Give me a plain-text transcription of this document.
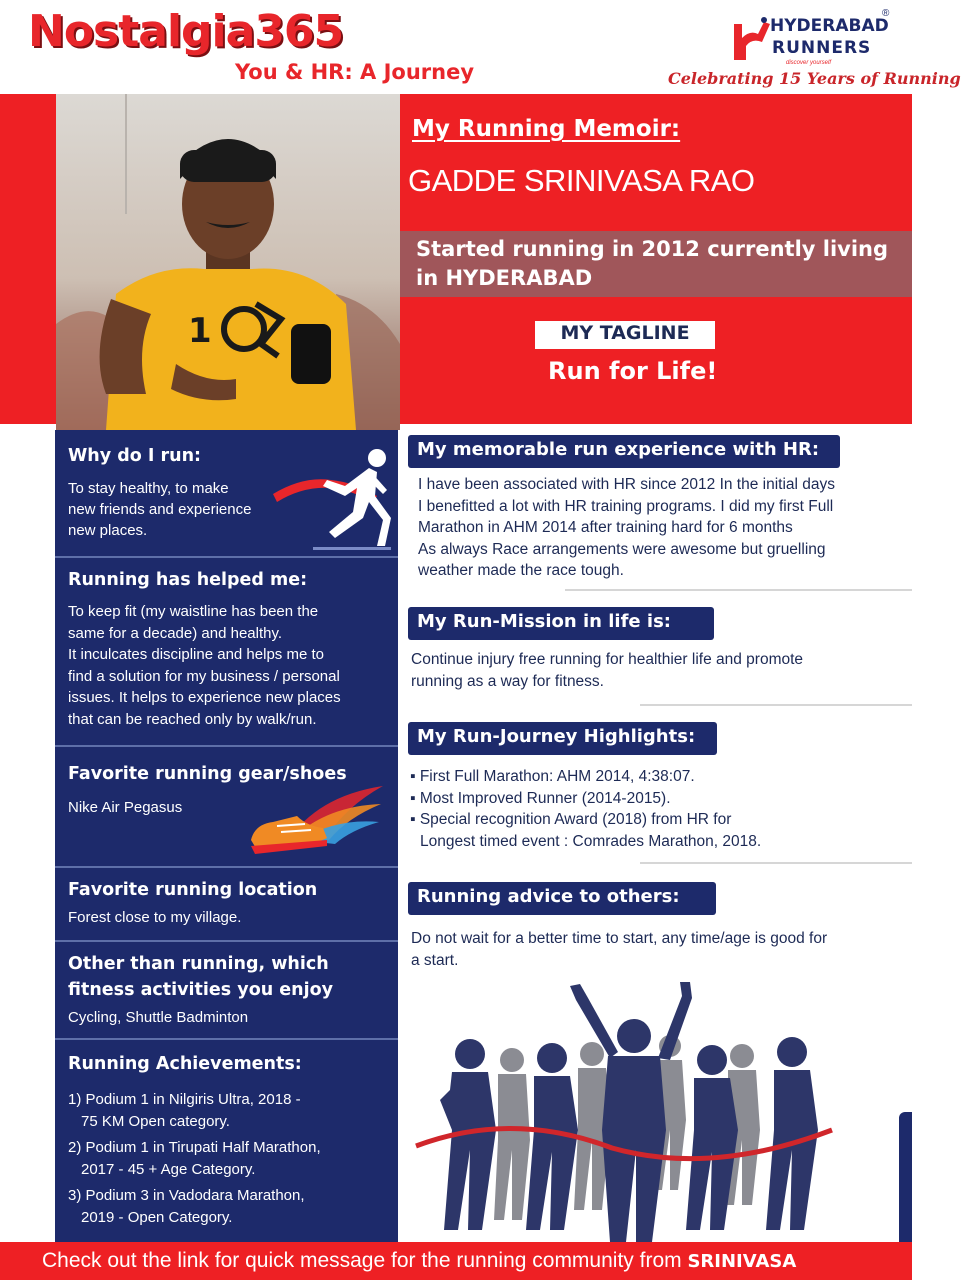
Nostalgia365
You & HR: A Journey
HYDERABAD
RUNNERS
discover yourself
®
Celebrating 15 Years of Running
1
My Running Memoir:
GADDE SRINIVASA RAO
Started running in 2012 currently living in HYDERABAD
MY TAGLINE
Run for Life!
Why do I run:
To stay healthy, to make
new friends and experience
new places.
Running has helped me:
To keep fit (my waistline has been the
same for a decade) and healthy.
It inculcates discipline and helps me to
find a solution for my business / personal
issues. It helps to experience new places
that can be reached only by walk/run.
Favorite running gear/shoes
Nike Air Pegasus
Favorite running location
Forest close to my village.
Other than running, which
fitness activities you enjoy
Cycling, Shuttle Badminton
Running Achievements:
1) Podium 1 in Nilgiris Ultra, 2018 -
75 KM Open category.
2) Podium 1 in Tirupati Half Marathon,
2017 - 45 + Age Category.
3) Podium 3 in Vadodara Marathon,
2019 - Open Category.
My memorable run experience with HR:
I have been associated with HR since 2012 In the initial days
I benefitted a lot with HR training programs. I did my first Full
Marathon in AHM 2014 after training hard for 6 months
As always Race arrangements were awesome but gruelling
weather made the race tough.
My Run-Mission in life is:
Continue injury free running for healthier life and promote
running as a way for fitness.
My Run-Journey Highlights:
▪ First Full Marathon: AHM 2014, 4:38:07.
▪ Most Improved Runner (2014-2015).
▪ Special recognition Award (2018) from HR for
Longest timed event : Comrades Marathon, 2018.
Running advice to others:
Do not wait for a better time to start, any time/age is good for
a start.
Check out the link for quick message for the running community from SRINIVASA
